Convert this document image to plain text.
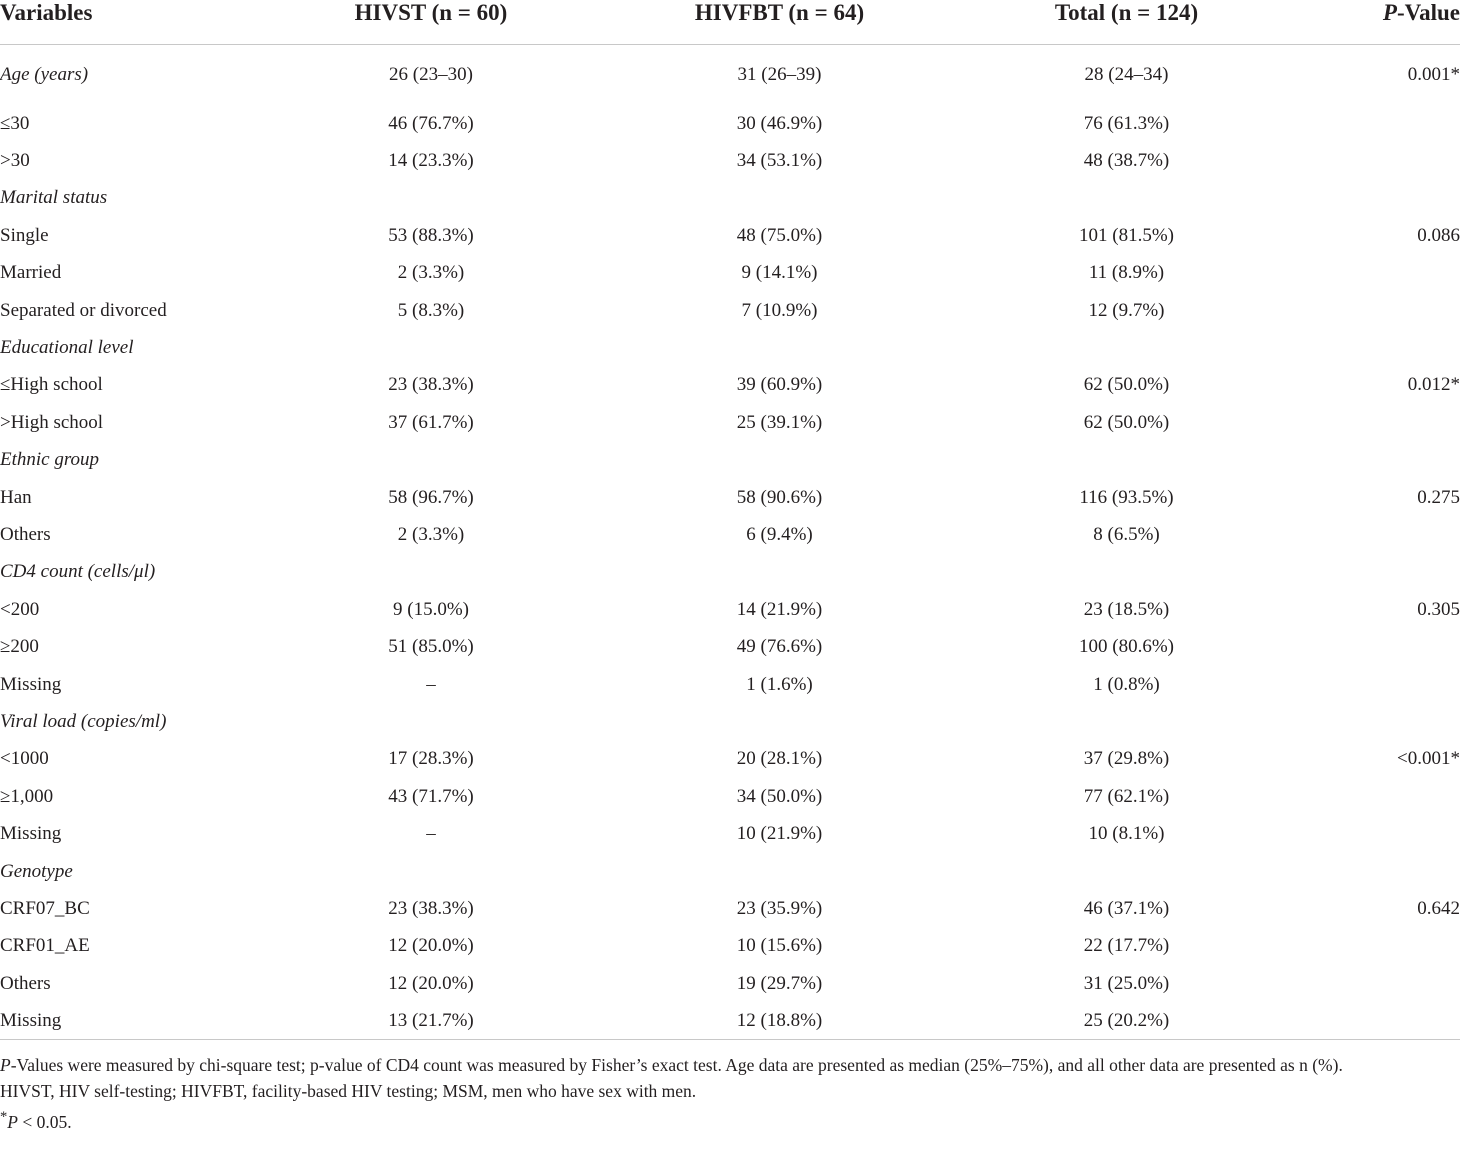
Variables	HIVST (n = 60)	HIVFBT (n = 64)	Total (n = 124)	P-Value
Age (years)	26 (23–30)	31 (26–39)	28 (24–34)	0.001*
≤30	46 (76.7%)	30 (46.9%)	76 (61.3%)	
>30	14 (23.3%)	34 (53.1%)	48 (38.7%)	
Marital status				
Single	53 (88.3%)	48 (75.0%)	101 (81.5%)	0.086
Married	2 (3.3%)	9 (14.1%)	11 (8.9%)	
Separated or divorced	5 (8.3%)	7 (10.9%)	12 (9.7%)	
Educational level				
≤High school	23 (38.3%)	39 (60.9%)	62 (50.0%)	0.012*
>High school	37 (61.7%)	25 (39.1%)	62 (50.0%)	
Ethnic group				
Han	58 (96.7%)	58 (90.6%)	116 (93.5%)	0.275
Others	2 (3.3%)	6 (9.4%)	8 (6.5%)	
CD4 count (cells/μl)				
<200	9 (15.0%)	14 (21.9%)	23 (18.5%)	0.305
≥200	51 (85.0%)	49 (76.6%)	100 (80.6%)	
Missing	–	1 (1.6%)	1 (0.8%)	
Viral load (copies/ml)				
<1000	17 (28.3%)	20 (28.1%)	37 (29.8%)	<0.001*
≥1,000	43 (71.7%)	34 (50.0%)	77 (62.1%)	
Missing	–	10 (21.9%)	10 (8.1%)	
Genotype				
CRF07_BC	23 (38.3%)	23 (35.9%)	46 (37.1%)	0.642
CRF01_AE	12 (20.0%)	10 (15.6%)	22 (17.7%)	
Others	12 (20.0%)	19 (29.7%)	31 (25.0%)	
Missing	13 (21.7%)	12 (18.8%)	25 (20.2%)	

P-Values were measured by chi-square test; p-value of CD4 count was measured by Fisher’s exact test. Age data are presented as median (25%–75%), and all other data are presented as n (%).

HIVST, HIV self-testing; HIVFBT, facility-based HIV testing; MSM, men who have sex with men.

*P < 0.05.
